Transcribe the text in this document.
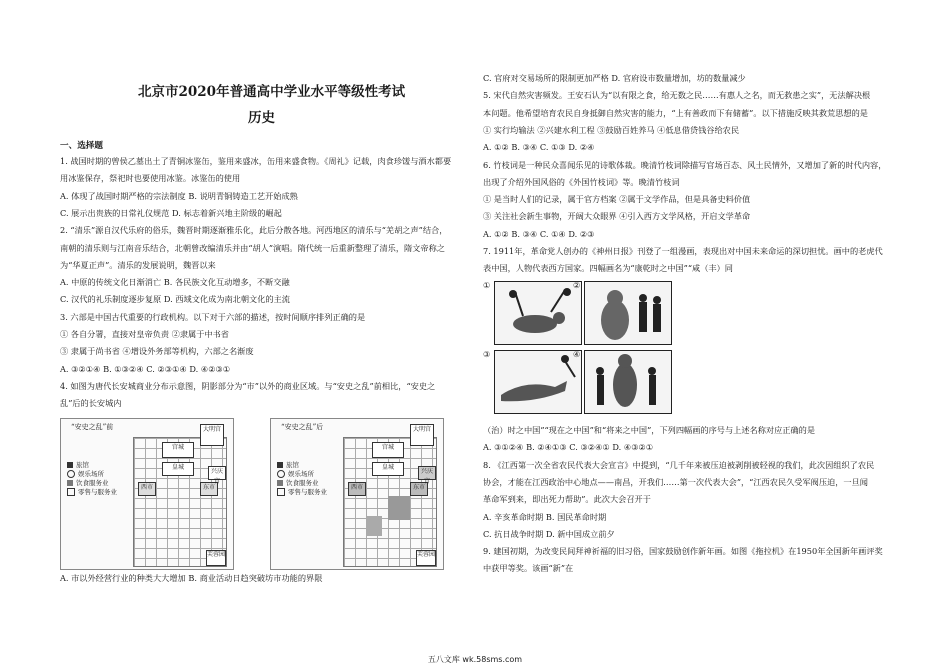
北京市2020年普通高中学业水平等级性考试
历史
一、选择题
1. 战国时期的曾侯乙墓出土了青铜冰鉴缶，鉴用来盛冰，缶用来盛食物。《周礼》记载，肉食珍馐与酒水都要
用冰鉴保存，祭祀时也要使用冰鉴。冰鉴缶的使用
A. 体现了战国时期严格的宗法制度 B. 说明青铜铸造工艺开始成熟
C. 展示出贵族的日常礼仪规范 D. 标志着新兴地主阶级的崛起
2. “清乐”源自汉代乐府的俗乐，魏晋时期逐渐雅乐化，此后分散各地。河西地区的清乐与“羌胡之声”结合，
南朝的清乐则与江南音乐结合，北朝曾改编清乐并由“胡人”演唱。隋代统一后重新整理了清乐，隋文帝称之
为“华夏正声”。清乐的发展说明，魏晋以来
A. 中原的传统文化日渐消亡 B. 各民族文化互动增多，不断交融
C. 汉代的礼乐制度逐步复原 D. 西域文化成为南北朝文化的主流
3. 六部是中国古代重要的行政机构。以下对于六部的描述，按时间顺序排列正确的是
① 各自分署，直接对皇帝负责 ②隶属于中书省
③ 隶属于尚书省 ④增设外务部等机构，六部之名渐废
A. ③②①④ B. ①③②④ C. ②③①④ D. ④②③①
4. 如图为唐代长安城商业分布示意图，阴影部分为“市”以外的商业区域。与“安史之乱”前相比，“安史之
乱”后的长安城内
“安史之乱”前
旅馆
娱乐场所
饮食服务业
零售与服务业
宫城
皇城
大明宫
东市
西市
兴庆宫
芙蓉园
“安史之乱”后
旅馆
娱乐场所
饮食服务业
零售与服务业
宫城
皇城
大明宫
东市
西市
兴庆宫
芙蓉园
A. 市以外经营行业的种类大大增加 B. 商业活动日趋突破坊市功能的界限
C. 官府对交易场所的限制更加严格 D. 官府设市数量增加，坊的数量减少
5. 宋代自然灾害频发。王安石认为“以有限之食，给无数之民……有惠人之名，而无救患之实”，无法解决根
本问题。他希望培育农民自身抵御自然灾害的能力，“上有善政而下有储蓄”。以下措施反映其救荒思想的是
① 实行均输法 ②兴建水利工程 ③鼓励百姓养马 ④低息借贷钱谷给农民
A. ①② B. ③④ C. ①③ D. ②④
6. 竹枝词是一种民众喜闻乐见的诗歌体裁。晚清竹枝词除描写官场百态、风土民情外，又增加了新的时代内容，
出现了介绍外国风俗的《外国竹枝词》等。晚清竹枝词
① 是当时人们的记录，属于官方档案 ②属于文学作品，但是具备史料价值
③ 关注社会新生事物，开阔大众眼界 ④引入西方文学风格，开启文学革命
A. ①② B. ③④ C. ①④ D. ②③
7. 1911年，革命党人创办的《神州日报》刊登了一组漫画，表现出对中国未来命运的深切担忧。画中的老虎代
表中国，人物代表西方国家。四幅画名为“康乾时之中国”“咸（丰）同
①	②
③	④
（治）时之中国”“现在之中国”和“将来之中国”，下列四幅画的序号与上述名称对应正确的是
A. ③①②④ B. ②④①③ C. ③②④① D. ④③②①
8. 《江西第一次全省农民代表大会宣言》中提到，“几千年来被压迫被剥削被轻视的我们，此次因组织了农民
协会，才能在江西政治中心地点——南昌，开我们……第一次代表大会”，“江西农民久受军阀压迫，一旦闻
革命军到来，即出死力帮助”。此次大会召开于
A. 辛亥革命时期 B. 国民革命时期
C. 抗日战争时期 D. 新中国成立前夕
9. 建国初期，为改变民间拜神祈福的旧习俗，国家鼓励创作新年画。如图《拖拉机》在1950年全国新年画评奖
中获甲等奖。该画“新”在
五八文库 wk.58sms.com
